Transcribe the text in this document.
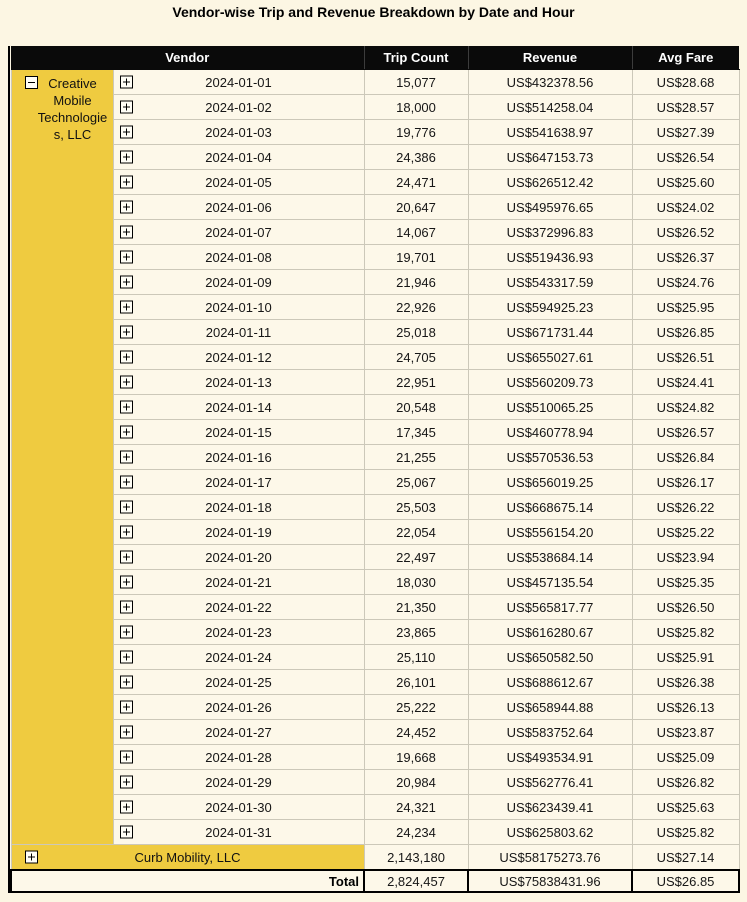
Vendor-wise Trip and Revenue Breakdown by Date and Hour
Vendor		Trip Count	Revenue	Avg Fare

Creative Mobile Technologies, LLC	2024-01-01	15,077	US$432378.56	US$28.68

2024-01-02	18,000	US$514258.04	US$28.57

2024-01-03	19,776	US$541638.97	US$27.39

2024-01-04	24,386	US$647153.73	US$26.54

2024-01-05	24,471	US$626512.42	US$25.60

2024-01-06	20,647	US$495976.65	US$24.02

2024-01-07	14,067	US$372996.83	US$26.52

2024-01-08	19,701	US$519436.93	US$26.37

2024-01-09	21,946	US$543317.59	US$24.76

2024-01-10	22,926	US$594925.23	US$25.95

2024-01-11	25,018	US$671731.44	US$26.85

2024-01-12	24,705	US$655027.61	US$26.51

2024-01-13	22,951	US$560209.73	US$24.41

2024-01-14	20,548	US$510065.25	US$24.82

2024-01-15	17,345	US$460778.94	US$26.57

2024-01-16	21,255	US$570536.53	US$26.84

2024-01-17	25,067	US$656019.25	US$26.17

2024-01-18	25,503	US$668675.14	US$26.22

2024-01-19	22,054	US$556154.20	US$25.22

2024-01-20	22,497	US$538684.14	US$23.94

2024-01-21	18,030	US$457135.54	US$25.35

2024-01-22	21,350	US$565817.77	US$26.50

2024-01-23	23,865	US$616280.67	US$25.82

2024-01-24	25,110	US$650582.50	US$25.91

2024-01-25	26,101	US$688612.67	US$26.38

2024-01-26	25,222	US$658944.88	US$26.13

2024-01-27	24,452	US$583752.64	US$23.87

2024-01-28	19,668	US$493534.91	US$25.09

2024-01-29	20,984	US$562776.41	US$26.82

2024-01-30	24,321	US$623439.41	US$25.63

2024-01-31	24,234	US$625803.62	US$25.82

Curb Mobility, LLC		2,143,180	US$58175273.76	US$27.14
Total		2,824,457	US$75838431.96	US$26.85
